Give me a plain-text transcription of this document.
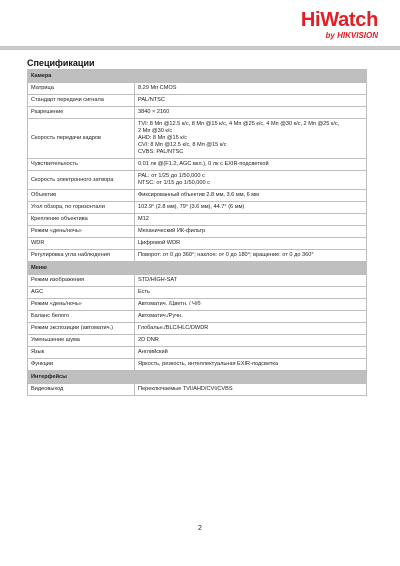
HiWatch
by HIKVISION
Спецификации
Камера	
Матрица	8.29 Мп CMOS

Стандарт передачи сигнала	PAL/NTSC

Разрешение	3840 × 2160

Скорость передачи кадров	TVI: 8 Мп @12.5 к/с, 8 Мп @15 к/с, 4 Мп @25 к/с, 4 Мп @30 к/с, 2 Мп @25 к/с,
2 Мп @30 к/с
AHD: 8 Мп @15 к/с
CVI: 8 Мп @12.5 к/с, 8 Мп @15 к/с
CVBS: PAL/NTSC

Чувствительность	0.01 лк @(F1.2, AGC вкл.), 0 лк с EXIR-подсветкой

Скорость электронного затвора	PAL: от 1/25 до 1/50,000 с
NTSC: от 1/15 до 1/50,000 с

Объектив	Фиксированный объектив 2.8 мм, 3.6 мм, 6 мм

Угол обзора, по горизонтали	102.9° (2.8 мм), 79° (3.6 мм), 44.7° (6 мм)

Крепление объектива	M12

Режим «день/ночь»	Механический ИК-фильтр

WDR	Цифровой WDR

Регулировка угла наблюдения	Поворот: от 0 до 360°; наклон: от 0 до 180°; вращение: от 0 до 360°

Меню	
Режим изображения	STD/HIGH-SAT

AGC	Есть

Режим «день/ночь»	Автоматич. /Цветн. / Ч/б

Баланс белого	Автоматич./Ручн.

Режим экспозиции (автоматич.)	Глобальн./BLC/HLC/DWDR

Уменьшение шума	2D DNR

Язык	Английский

Функции	Яркость, резкость, интеллектуальная EXIR-подсветка

Интерфейсы	
Видеовыход	Переключаемые TVI/AHD/CVI/CVBS
2
